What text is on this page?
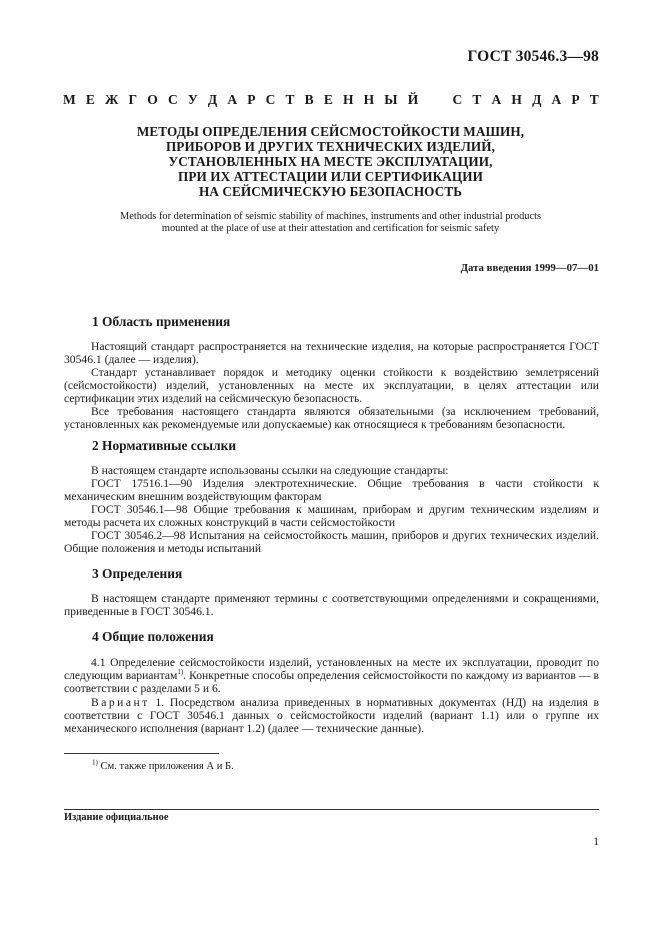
ГОСТ 30546.3—98
М Е Ж Г О С У Д А Р С Т В Е Н Н Ы Й	С Т А Н Д А Р Т
МЕТОДЫ ОПРЕДЕЛЕНИЯ СЕЙСМОСТОЙКОСТИ МАШИН,
ПРИБОРОВ И ДРУГИХ ТЕХНИЧЕСКИХ ИЗДЕЛИЙ,
УСТАНОВЛЕННЫХ НА МЕСТЕ ЭКСПЛУАТАЦИИ,
ПРИ ИХ АТТЕСТАЦИИ ИЛИ СЕРТИФИКАЦИИ
НА СЕЙСМИЧЕСКУЮ БЕЗОПАСНОСТЬ
Methods for determination of seismic stability of machines, instruments and other industrial products
mounted at the place of use at their attestation and certification for seismic safety
Дата введения 1999—07—01
1 Область применения
Настоящий стандарт распространяется на технические изделия, на которые распространяется ГОСТ 30546.1 (далее — изделия).
Стандарт устанавливает порядок и методику оценки стойкости к воздействию землетрясений (сейсмостойкости) изделий, установленных на месте их эксплуатации, в целях аттестации или сертификации этих изделий на сейсмическую безопасность.
Все требования настоящего стандарта являются обязательными (за исключением требований, установленных как рекомендуемые или допускаемые) как относящиеся к требованиям безопасности.
2 Нормативные ссылки
В настоящем стандарте использованы ссылки на следующие стандарты:
ГОСТ 17516.1—90 Изделия электротехнические. Общие требования в части стойкости к механическим внешним воздействующим факторам
ГОСТ 30546.1—98 Общие требования к машинам, приборам и другим техническим изделиям и методы расчета их сложных конструкций в части сейсмостойкости
ГОСТ 30546.2—98 Испытания на сейсмостойкость машин, приборов и других технических изделий. Общие положения и методы испытаний
3 Определения
В настоящем стандарте применяют термины с соответствующими определениями и сокращениями, приведенные в ГОСТ 30546.1.
4 Общие положения
4.1 Определение сейсмостойкости изделий, установленных на месте их эксплуатации, проводит по следующим вариантам$^{1)}$. Конкретные способы определения сейсмостойкости по каждому из вариантов — в соответствии с разделами 5 и 6.
Вариант 1. Посредством анализа приведенных в нормативных документах (НД) на изделия в соответствии с ГОСТ 30546.1 данных о сейсмостойкости изделий (вариант 1.1) или о группе их механического исполнения (вариант 1.2) (далее — технические данные).
$^{1)}$ См. также приложения А и Б.
Издание официальное
1
